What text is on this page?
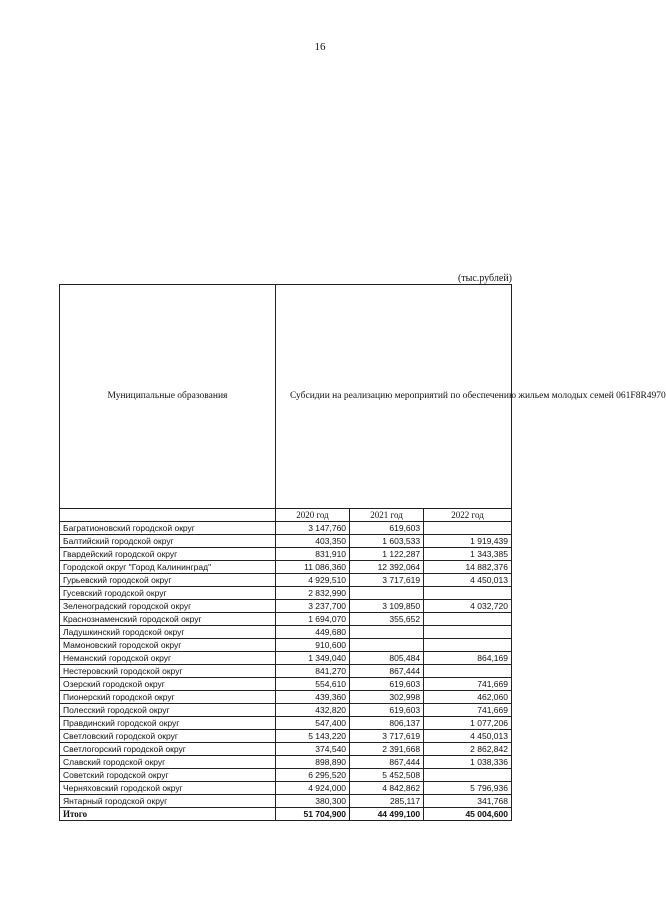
16
(тыс.рублей)
Муниципальные образования	Субсидии на реализацию мероприятий по обеспечению жильем молодых семей 061F8R4970		
	2020 год	2021 год	2022 год
Багратионовский городской округ	3 147,760	619,603	
Балтийский городской округ	403,350	1 603,533	1 919,439
Гвардейский городской округ	831,910	1 122,287	1 343,385
Городской округ "Город Калининград"	11 086,360	12 392,064	14 882,376
Гурьевский городской округ	4 929,510	3 717,619	4 450,013
Гусевский городской округ	2 832,990		
Зеленоградский городской округ	3 237,700	3 109,850	4 032,720
Краснознаменский городской округ	1 694,070	355,652	
Ладушкинский городской округ	449,680		
Мамоновский городской округ	910,600		
Неманский городской округ	1 349,040	805,484	864,169
Нестеровский городской округ	841,270	867,444	
Озерский городской округ	554,610	619,603	741,669
Пионерский городской округ	439,360	302,998	462,060
Полесский городской округ	432,820	619,603	741,669
Правдинский городской округ	547,400	806,137	1 077,206
Светловский городской округ	5 143,220	3 717,619	4 450,013
Светлогорский городской округ	374,540	2 391,668	2 862,842
Славский городской округ	898,890	867,444	1 038,336
Советский городской округ	6 295,520	5 452,508	
Черняховский городской округ	4 924,000	4 842,862	5 796,936
Янтарный городской округ	380,300	285,117	341,768
Итого	51 704,900	44 499,100	45 004,600
